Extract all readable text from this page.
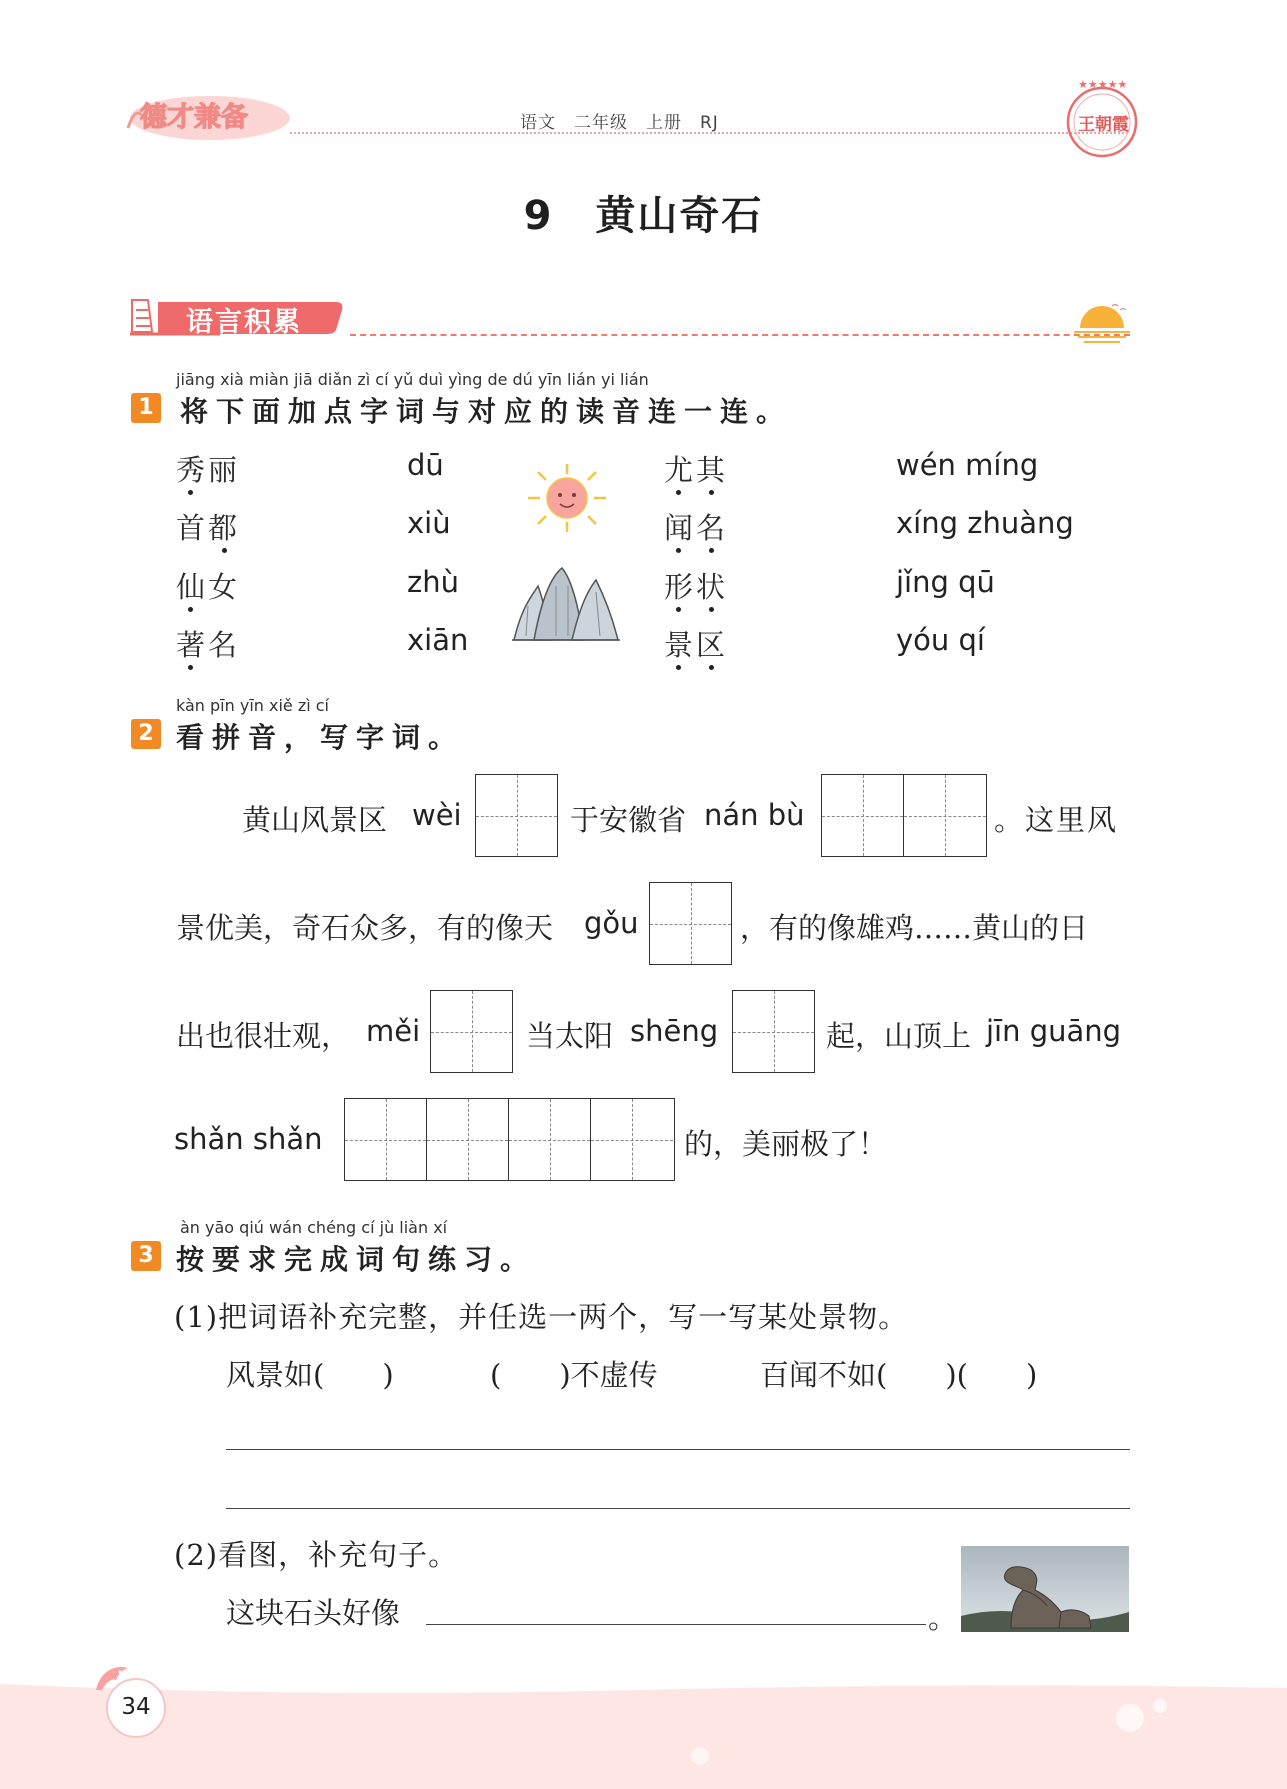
德才兼备	语文　二年级　上册　RJ
★★★★★
王朝霞
9　黄山奇石
语言积累
jiāng xià miàn jiā diǎn zì cí yǔ duì yìng de dú yīn lián yi lián
1 将下面加点字词与对应的读音连一连。
秀丽
首都
仙女
著名
dū
xiù
zhù
xiān
尤其
闻名
形状
景区
wén míng
xíng zhuàng
jǐng qū
yóu qí
kàn pīn yīn xiě zì cí
2 看拼音，写字词。
黄山风景区 wèi	于安徽省 nán bù	。这里风
景优美，奇石众多，有的像天 gǒu	，有的像雄鸡……黄山的日
出也很壮观， měi	当太阳 shēng	起，山顶上 jīn guāng
shǎn shǎn	的，美丽极了！
àn yāo qiú wán chéng cí jù liàn xí
3 按要求完成词句练习。
(1)把词语补充完整，并任选一两个，写一写某处景物。
风景如(　　)	(　　)不虚传	百闻不如(　　)(　　)
(2)看图，补充句子。
这块石头好像	。
34
